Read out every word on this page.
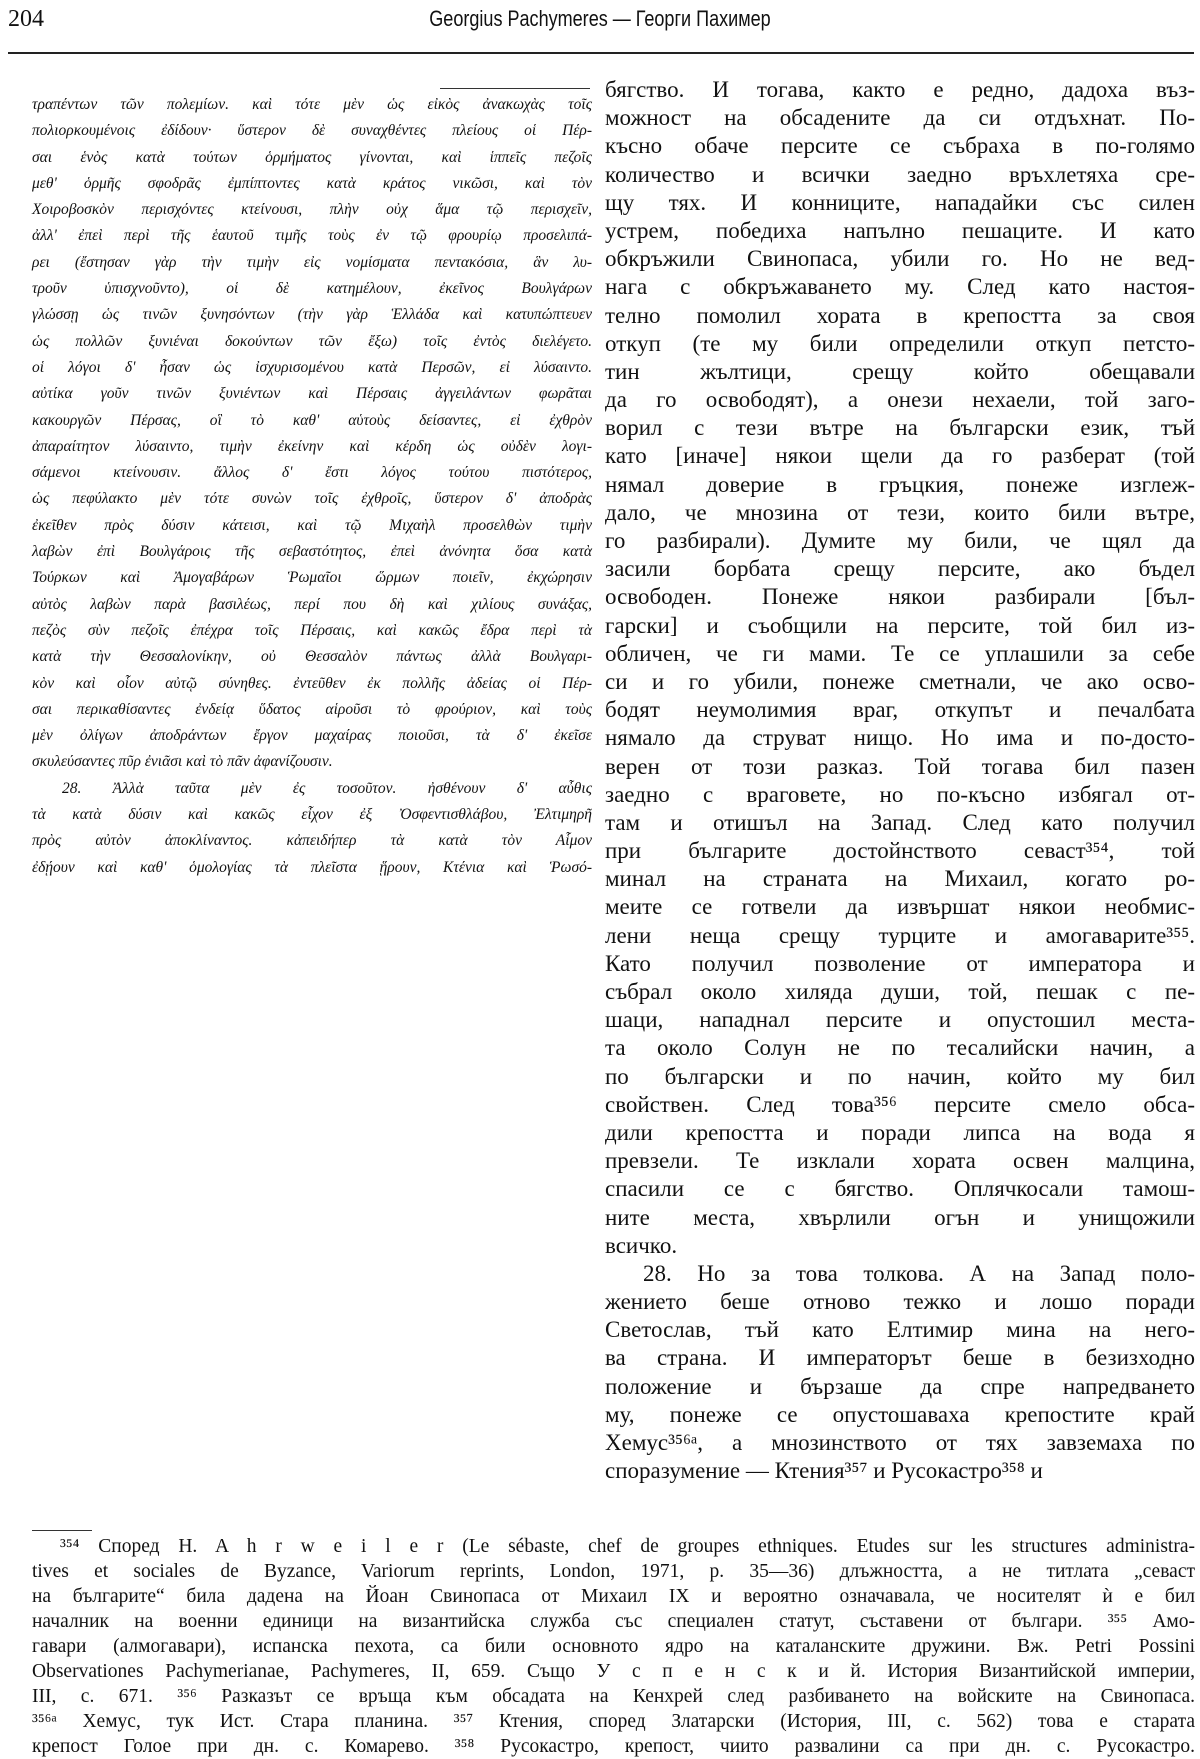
204	Georgius Pachymeres — Георги Пахимер
τραπέντων τῶν πολεμίων. καὶ τότε μὲν ὡς εἰκὸς ἀνακωχὰς τοῖς
πολιορκουμένοις ἐδίδουν· ὕστερον δὲ συναχθέντες πλείους οἱ Πέρ-
σαι ἑνὸς κατὰ τούτων ὁρμήματος γίνονται, καὶ ἱππεῖς πεζοῖς
μεθ' ὁρμῆς σφοδρᾶς ἐμπίπτοντες κατὰ κράτος νικῶσι, καὶ τὸν
Χοιροβοσκὸν περισχόντες κτείνουσι, πλὴν οὐχ ἅμα τῷ περισχεῖν,
ἀλλ' ἐπεὶ περὶ τῆς ἑαυτοῦ τιμῆς τοὺς ἐν τῷ φρουρίῳ προσελιπά-
ρει (ἔστησαν γὰρ τὴν τιμὴν εἰς νομίσματα πεντακόσια, ἃν λυ-
τροῦν ὑπισχνοῦντο), οἱ δὲ κατημέλουν, ἐκεῖνος Βουλγάρων
γλώσσῃ ὡς τινῶν ξυνησόντων (τὴν γὰρ Ἑλλάδα καὶ κατυπώπτευεν
ὡς πολλῶν ξυνιέναι δοκούντων τῶν ἔξω) τοῖς ἐντὸς διελέγετο.
οἱ λόγοι δ' ἦσαν ὡς ἰσχυρισομένου κατὰ Περσῶν, εἰ λύσαιντο.
αὐτίκα γοῦν τινῶν ξυνιέντων καὶ Πέρσαις ἀγγειλάντων φωρᾶται
κακουργῶν Πέρσας, οἳ τὸ καθ' αὑτοὺς δείσαντες, εἰ ἐχθρὸν
ἀπαραίτητον λύσαιντο, τιμὴν ἐκείνην καὶ κέρδη ὡς οὐδὲν λογι-
σάμενοι κτείνουσιν. ἄλλος δ' ἔστι λόγος τούτου πιστότερος,
ὡς πεφύλακτο μὲν τότε συνὼν τοῖς ἐχθροῖς, ὕστερον δ' ἀποδρὰς
ἐκεῖθεν πρὸς δύσιν κάτεισι, καὶ τῷ Μιχαὴλ προσελθὼν τιμὴν
λαβὼν ἐπὶ Βουλγάροις τῆς σεβαστότητος, ἐπεὶ ἀνόνητα ὅσα κατὰ
Τούρκων καὶ Ἀμογαβάρων Ῥωμαῖοι ὥρμων ποιεῖν, ἐκχώρησιν
αὐτὸς λαβὼν παρὰ βασιλέως, περί που δὴ καὶ χιλίους συνάξας,
πεζὸς σὺν πεζοῖς ἐπέχρα τοῖς Πέρσαις, καὶ κακῶς ἔδρα περὶ τὰ
κατὰ τὴν Θεσσαλονίκην, οὐ Θεσσαλὸν πάντως ἀλλὰ Βουλγαρι-
κὸν καὶ οἷον αὐτῷ σύνηθες. ἐντεῦθεν ἐκ πολλῆς ἀδείας οἱ Πέρ-
σαι περικαθίσαντες ἐνδείᾳ ὕδατος αἱροῦσι τὸ φρούριον, καὶ τοὺς
μὲν ὀλίγων ἀποδράντων ἔργον μαχαίρας ποιοῦσι, τὰ δ' ἐκεῖσε
σκυλεύσαντες πῦρ ἐνιᾶσι καὶ τὸ πᾶν ἀφανίζουσιν.
28. Ἀλλὰ ταῦτα μὲν ἐς τοσοῦτον. ἠσθένουν δ' αὖθις
τὰ κατὰ δύσιν καὶ κακῶς εἶχον ἐξ Ὀσφεντισθλάβου, Ἐλτιμηρῆ
πρὸς αὐτὸν ἀποκλίναντος. κἀπειδήπερ τὰ κατὰ τὸν Αἷμον
ἐδῄουν καὶ καθ' ὁμολογίας τὰ πλεῖστα ᾕρουν, Κτένια καὶ Ῥωσό-
бягство. И тогава, както е редно, дадоха въз-
можност на обсадените да си отдъхнат. По-
късно обаче персите се събраха в по-голямо
количество и всички заедно връхлетяха сре-
щу тях. И конниците, нападайки със силен
устрем, победиха напълно пешаците. И като
обкръжили Свинопаса, убили го. Но не вед-
нага с обкръжаването му. След като настоя-
телно помолил хората в крепостта за своя
откуп (те му били определили откуп петсто-
тин жълтици, срещу който обещавали
да го освободят), а онези нехаели, той заго-
ворил с тези вътре на български език, тъй
като [иначе] някои щели да го разберат (той
нямал доверие в гръцкия, понеже изглеж-
дало, че мнозина от тези, които били вътре,
го разбирали). Думите му били, че щял да
засили борбата срещу персите, ако бъдел
освободен. Понеже някои разбирали [бъл-
гарски] и съобщили на персите, той бил из-
обличен, че ги мами. Те се уплашили за себе
си и го убили, понеже сметнали, че ако осво-
бодят неумолимия враг, откупът и печалбата
нямало да струват нищо. Но има и по-досто-
верен от този разказ. Той тогава бил пазен
заедно с враговете, но по-късно избягал от-
там и отишъл на Запад. След като получил
при българите достойнството севаст³⁵⁴, той
минал на страната на Михаил, когато ро-
меите се готвели да извършат някои необмис-
лени неща срещу турците и амогаварите³⁵⁵.
Като получил позволение от императора и
събрал около хиляда души, той, пешак с пе-
шаци, нападнал персите и опустошил места-
та около Солун не по тесалийски начин, а
по български и по начин, който му бил
свойствен. След това³⁵⁶ персите смело обса-
дили крепостта и поради липса на вода я
превзели. Те изклали хората освен малцина,
спасили се с бягство. Оплячкосали тамош-
ните места, хвърлили огън и унищожили
всичко.
28. Но за това толкова. А на Запад поло-
жението беше отново тежко и лошо поради
Светослав, тъй като Елтимир мина на него-
ва страна. И императорът беше в безизходно
положение и бързаше да спре напредването
му, понеже се опустошаваха крепостите край
Хемус³⁵⁶ᵃ, а мнозинството от тях завземаха по
споразумение — Ктения³⁵⁷ и Русокастро³⁵⁸ и
³⁵⁴ Според H. A h r w e i l e r (Le sébaste, chef de groupes ethniques. Etudes sur les structures administra-
tives et sociales de Byzance, Variorum reprints, London, 1971, p. 35—36) длъжността, а не титлата „севаст
на българите“ била дадена на Йоан Свинопаса от Михаил IX и вероятно означавала, че носителят ѝ е бил
началник на военни единици на византийска служба със специален статут, съставени от българи. ³⁵⁵ Амо-
гавари (алмогавари), испанска пехота, са били основното ядро на каталанските дружини. Вж. Petri Possini
Observationes Pachymerianae, Pachymeres, II, 659. Също У с п е н с к и й. История Византийской империи,
III, с. 671. ³⁵⁶ Разказът се връща към обсадата на Кенхрей след разбиването на войските на Свинопаса.
³⁵⁶ᵃ Хемус, тук Ист. Стара планина. ³⁵⁷ Ктения, според Златарски (История, III, с. 562) това е старата
крепост Голое при дн. с. Комарево. ³⁵⁸ Русокастро, крепост, чиито развалини са при дн. с. Русокастро.
